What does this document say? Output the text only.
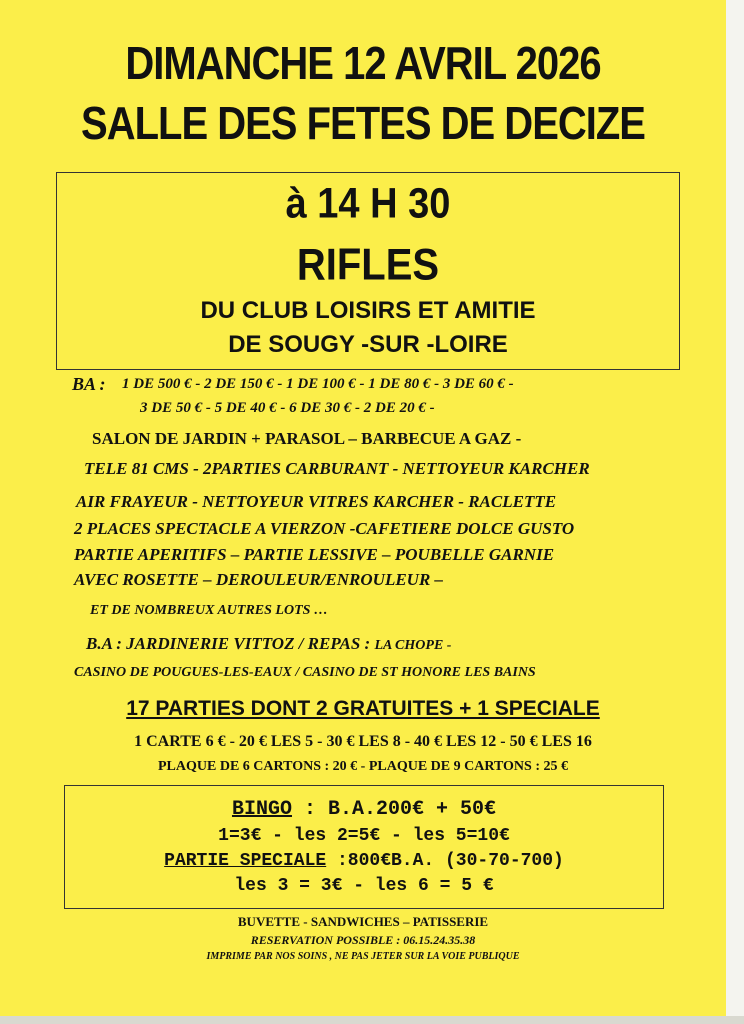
DIMANCHE 12 AVRIL 2026
SALLE DES FETES DE DECIZE
à 14 H 30
RIFLES
DU CLUB LOISIRS ET AMITIE
DE SOUGY -SUR -LOIRE
BA : 1 DE 500 € - 2 DE 150 € - 1 DE 100 € - 1 DE 80 € - 3 DE 60 € -
3 DE 50 € - 5 DE 40 € - 6 DE 30 € - 2 DE 20 € -
SALON DE JARDIN + PARASOL – BARBECUE A GAZ -
TELE 81 CMS - 2PARTIES CARBURANT - NETTOYEUR KARCHER
AIR FRAYEUR - NETTOYEUR VITRES KARCHER - RACLETTE
2 PLACES SPECTACLE A VIERZON -CAFETIERE DOLCE GUSTO
PARTIE APERITIFS – PARTIE LESSIVE – POUBELLE GARNIE
AVEC ROSETTE – DEROULEUR/ENROULEUR –
ET DE NOMBREUX AUTRES LOTS …
B.A : JARDINERIE VITTOZ / REPAS : LA CHOPE -
CASINO DE POUGUES-LES-EAUX / CASINO DE ST HONORE LES BAINS
17 PARTIES DONT 2 GRATUITES + 1 SPECIALE
1 CARTE 6 € - 20 € LES 5 - 30 € LES 8 - 40 € LES 12 - 50 € LES 16
PLAQUE DE 6 CARTONS : 20 € - PLAQUE DE 9 CARTONS : 25 €
BINGO : B.A.200€ + 50€
1=3€ - les 2=5€ - les 5=10€
PARTIE SPECIALE :800€B.A. (30-70-700)
les 3 = 3€ - les 6 = 5 €
BUVETTE - SANDWICHES – PATISSERIE
RESERVATION POSSIBLE : 06.15.24.35.38
IMPRIME PAR NOS SOINS , NE PAS JETER SUR LA VOIE PUBLIQUE
